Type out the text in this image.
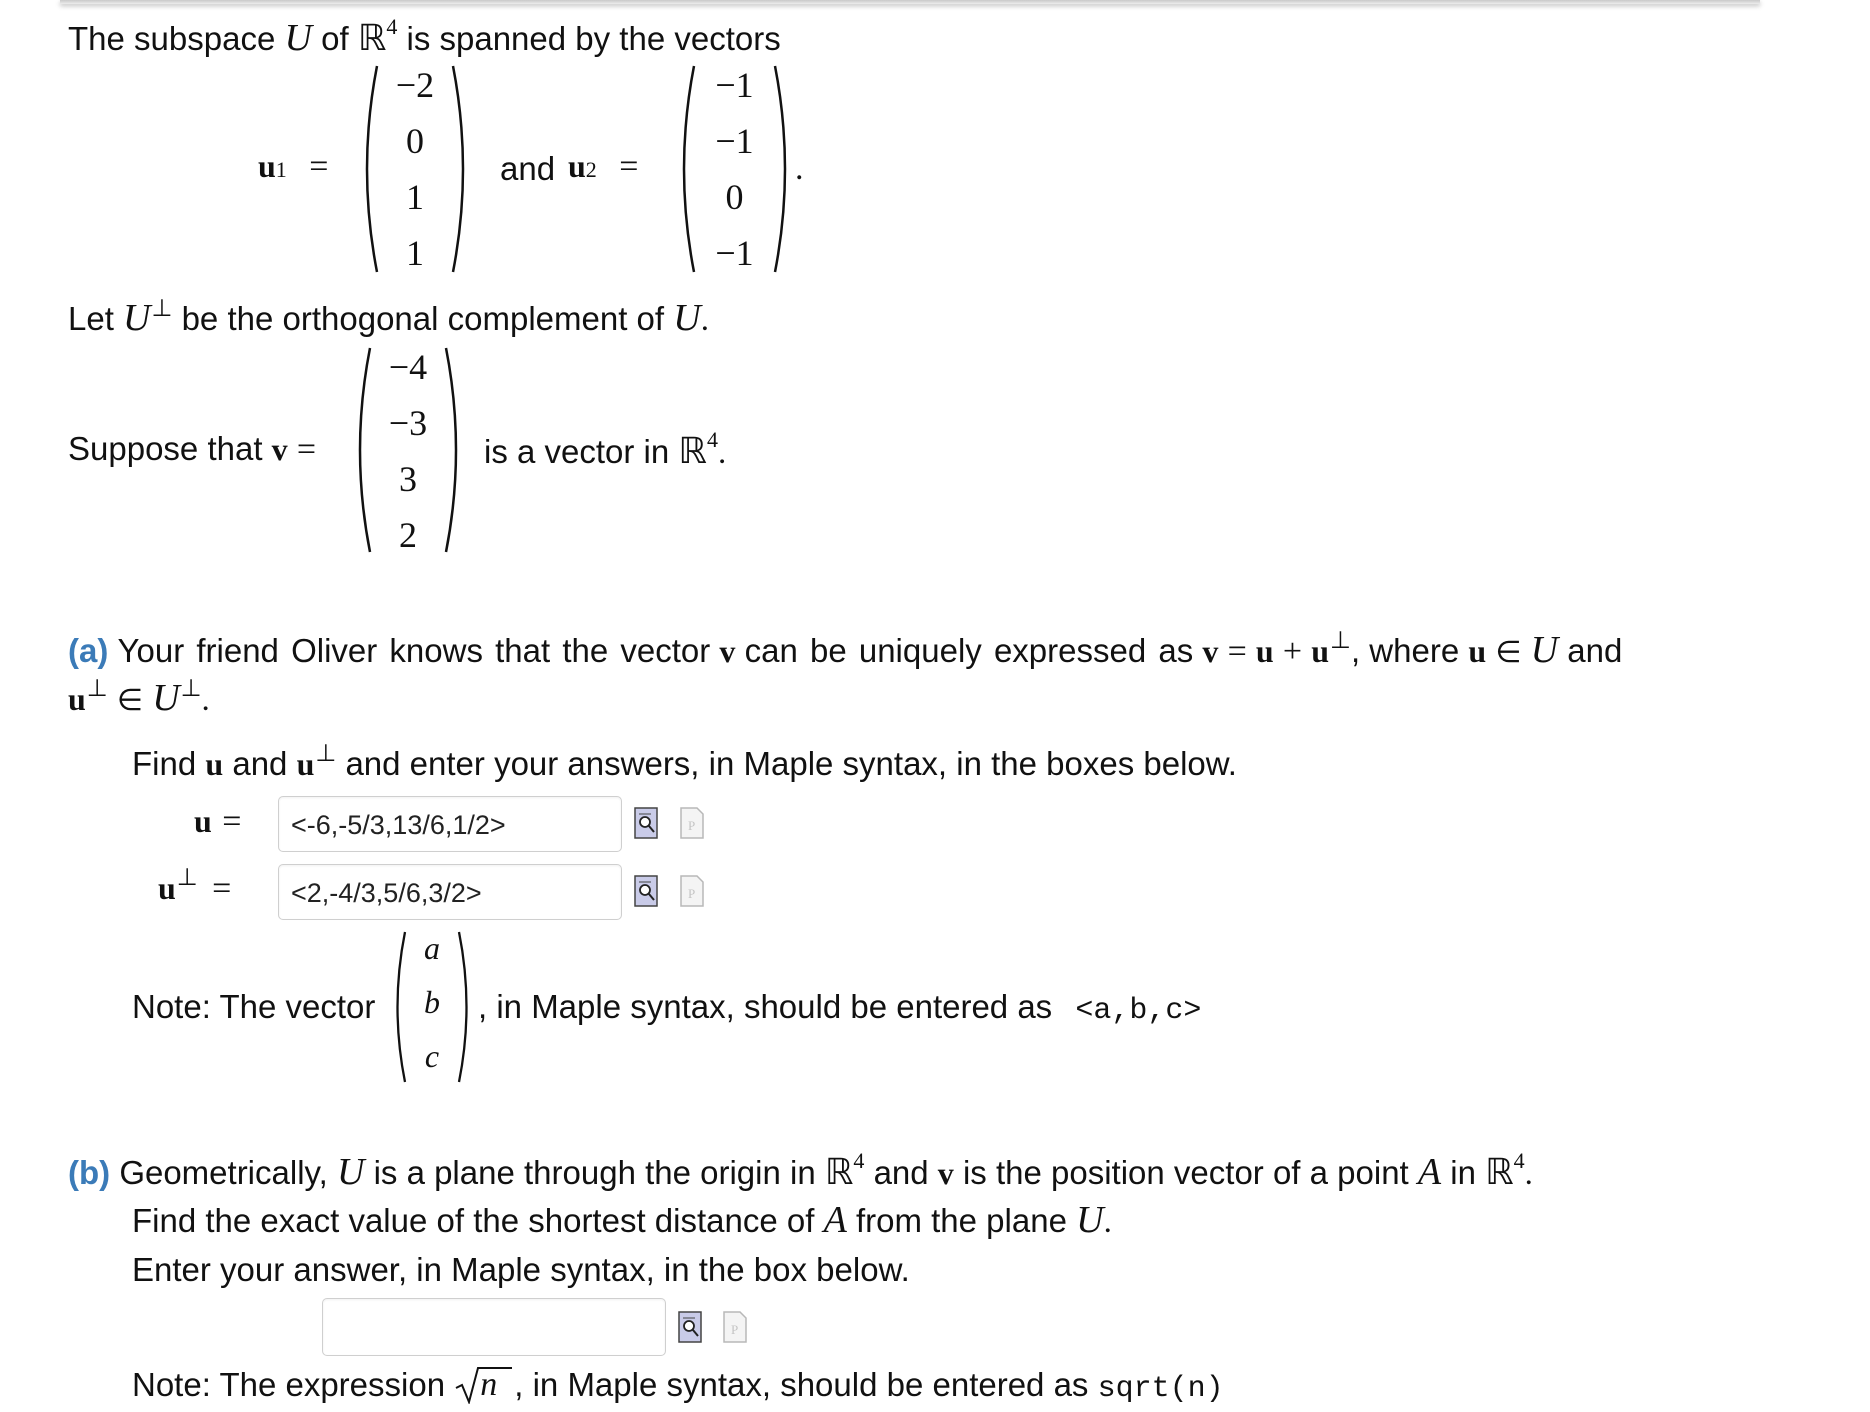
The subspace U of ℝ$^4$ is spanned by the vectors
u1 =
−2
0
1
1
and u2 =
−1
−1
0
−1
.
Let U⊥ be the orthogonal complement of U.
Suppose that v =
−4
−3
3
2
is a vector in ℝ$^4$.
(a) Your friend Oliver knows that the vector v can be uniquely expressed as v = u + u⊥, where u ∈ U and
u⊥ ∈ U⊥.
Find u and u⊥ and enter your answers, in Maple syntax, in the boxes below.
u =	<-6,-5/3,13/6,1/2>	P
u⊥ =	<2,-4/3,5/6,3/2>	P
Note: The vector
a
b
c
, in Maple syntax, should be entered as <a,b,c>
(b) Geometrically, U is a plane through the origin in ℝ$^4$ and v is the position vector of a point A in ℝ$^4$.
Find the exact value of the shortest distance of A from the plane U.
Enter your answer, in Maple syntax, in the box below.
P
Note: The expression n , in Maple syntax, should be entered as sqrt(n)
